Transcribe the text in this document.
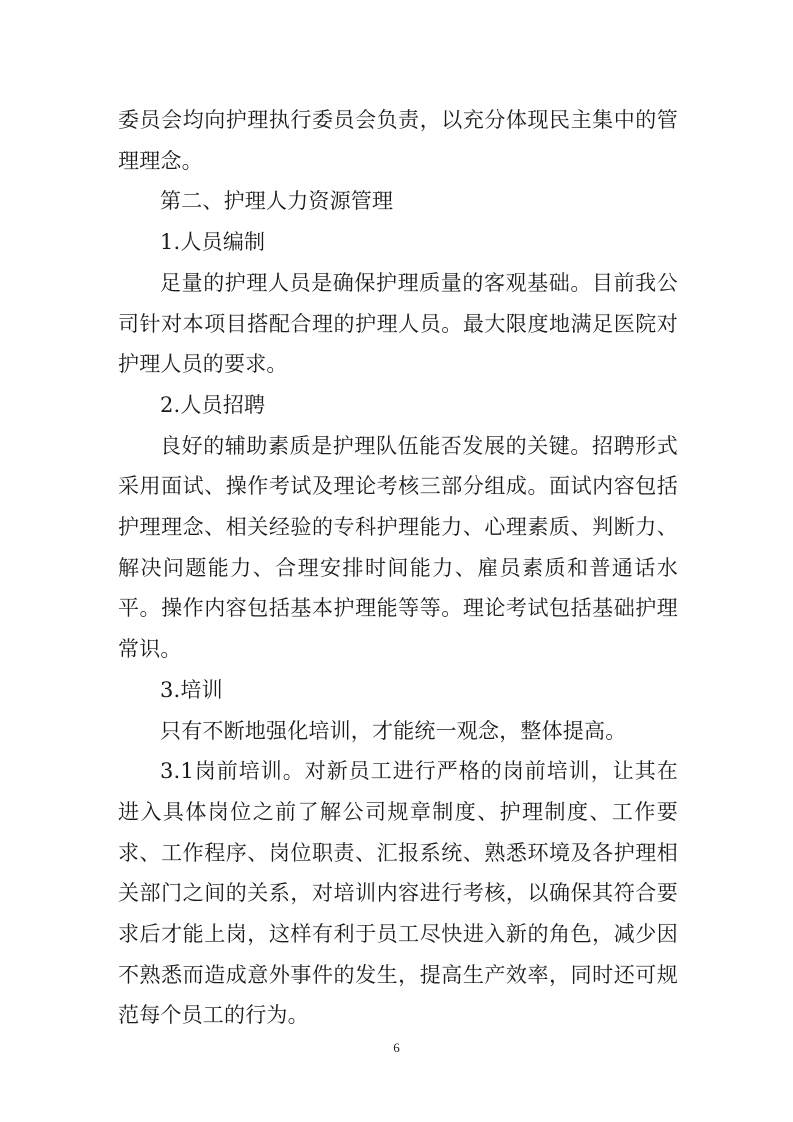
委员会均向护理执行委员会负责，以充分体现民主集中的管理理念。

第二、护理人力资源管理

1.人员编制

足量的护理人员是确保护理质量的客观基础。目前我公司针对本项目搭配合理的护理人员。最大限度地满足医院对护理人员的要求。

2.人员招聘

良好的辅助素质是护理队伍能否发展的关键。招聘形式采用面试、操作考试及理论考核三部分组成。面试内容包括护理理念、相关经验的专科护理能力、心理素质、判断力、解决问题能力、合理安排时间能力、雇员素质和普通话水平。操作内容包括基本护理能等等。理论考试包括基础护理常识。

3.培训

只有不断地强化培训，才能统一观念，整体提高。

3.1岗前培训。对新员工进行严格的岗前培训，让其在进入具体岗位之前了解公司规章制度、护理制度、工作要求、工作程序、岗位职责、汇报系统、熟悉环境及各护理相关部门之间的关系，对培训内容进行考核，以确保其符合要求后才能上岗，这样有利于员工尽快进入新的角色，减少因不熟悉而造成意外事件的发生，提高生产效率，同时还可规范每个员工的行为。

6
